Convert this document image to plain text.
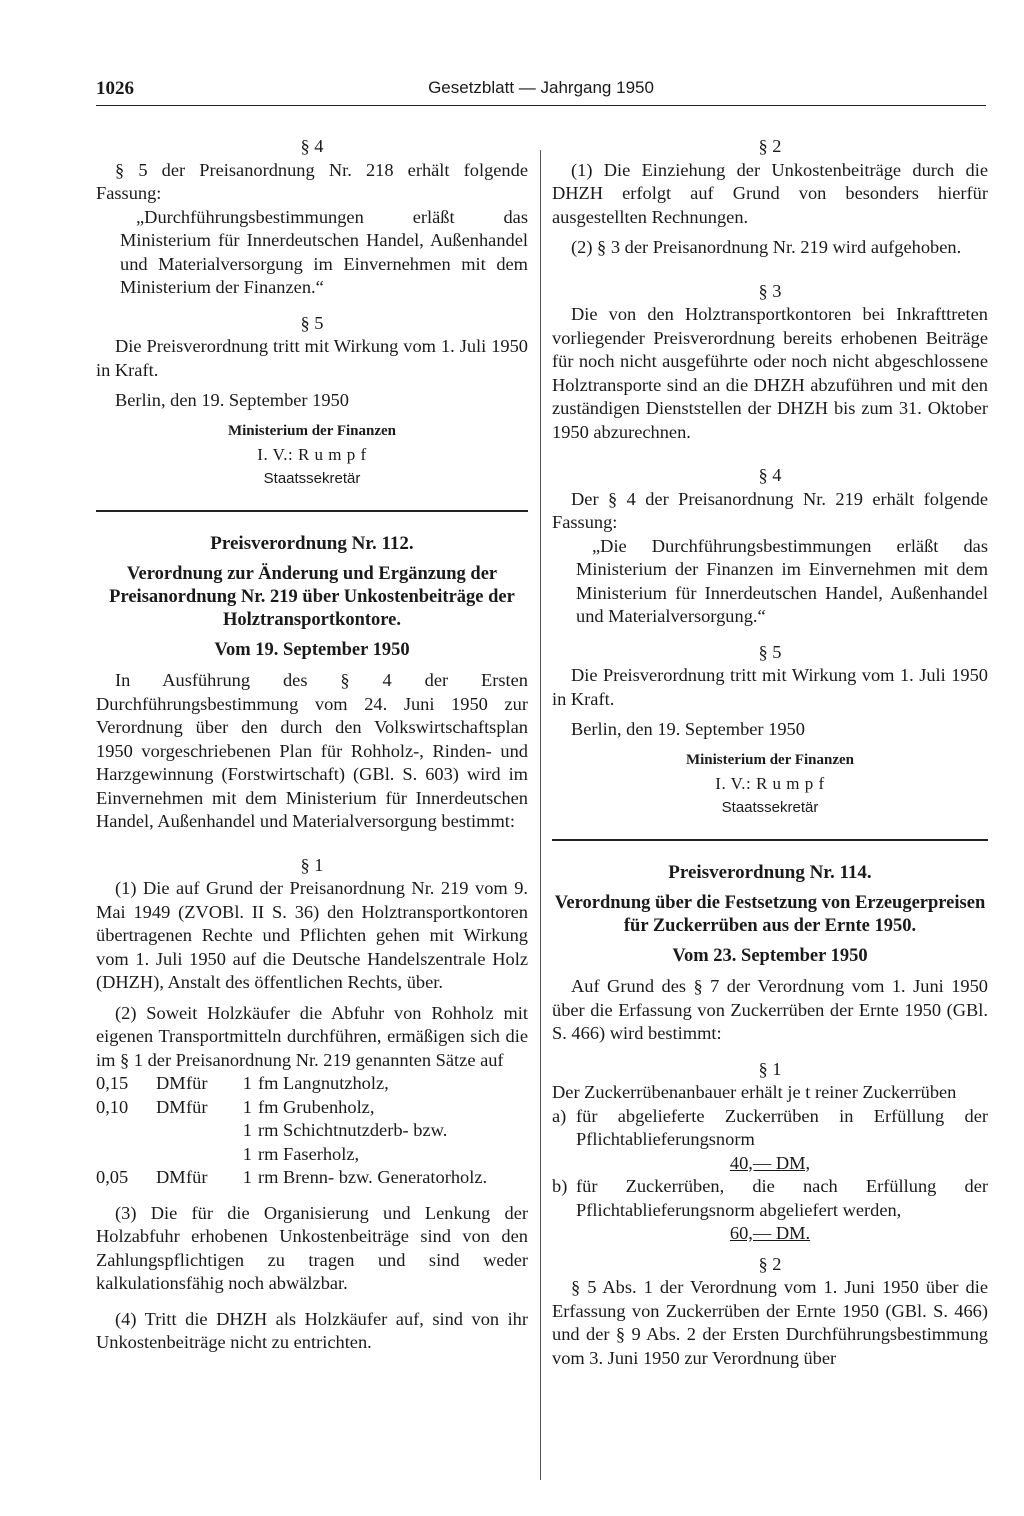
1026	Gesetzblatt — Jahrgang 1950
§ 4

§ 5 der Preisanordnung Nr. 218 erhält folgende Fassung:

„Durchführungsbestimmungen erläßt das Ministerium für Innerdeutschen Handel, Außenhandel und Materialversorgung im Einvernehmen mit dem Ministerium der Finanzen.“

§ 5

Die Preisverordnung tritt mit Wirkung vom 1. Juli 1950 in Kraft.

Berlin, den 19. September 1950

Ministerium der Finanzen
I. V.: R u m p f
Staatssekretär
Preisverordnung Nr. 112.
Verordnung zur Änderung und Ergänzung der Preisanordnung Nr. 219 über Unkostenbeiträge der Holztransportkontore.
Vom 19. September 1950

In Ausführung des § 4 der Ersten Durchführungsbestimmung vom 24. Juni 1950 zur Verordnung über den durch den Volkswirtschaftsplan 1950 vorgeschriebenen Plan für Rohholz-, Rinden- und Harzgewinnung (Forstwirtschaft) (GBl. S. 603) wird im Einvernehmen mit dem Ministerium für Innerdeutschen Handel, Außenhandel und Materialversorgung bestimmt:

§ 1

(1) Die auf Grund der Preisanordnung Nr. 219 vom 9. Mai 1949 (ZVOBl. II S. 36) den Holztransportkontoren übertragenen Rechte und Pflichten gehen mit Wirkung vom 1. Juli 1950 auf die Deutsche Handelszentrale Holz (DHZH), Anstalt des öffentlichen Rechts, über.

(2) Soweit Holzkäufer die Abfuhr von Rohholz mit eigenen Transportmitteln durchführen, ermäßigen sich die im § 1 der Preisanordnung Nr. 219 genannten Sätze auf

0,15	DM	für	1	fm Langnutzholz,
0,10	DM	für	1	fm Grubenholz,
			1	rm Schichtnutzderb- bzw.
			1	rm Faserholz,
0,05	DM	für	1	rm Brenn- bzw. Generatorholz.

(3) Die für die Organisierung und Lenkung der Holzabfuhr erhobenen Unkostenbeiträge sind von den Zahlungspflichtigen zu tragen und sind weder kalkulationsfähig noch abwälzbar.

(4) Tritt die DHZH als Holzkäufer auf, sind von ihr Unkostenbeiträge nicht zu entrichten.

§ 2

(1) Die Einziehung der Unkostenbeiträge durch die DHZH erfolgt auf Grund von besonders hierfür ausgestellten Rechnungen.

(2) § 3 der Preisanordnung Nr. 219 wird aufgehoben.

§ 3

Die von den Holztransportkontoren bei Inkrafttreten vorliegender Preisverordnung bereits erhobenen Beiträge für noch nicht ausgeführte oder noch nicht abgeschlossene Holztransporte sind an die DHZH abzuführen und mit den zuständigen Dienststellen der DHZH bis zum 31. Oktober 1950 abzurechnen.

§ 4

Der § 4 der Preisanordnung Nr. 219 erhält folgende Fassung:

„Die Durchführungsbestimmungen erläßt das Ministerium der Finanzen im Einvernehmen mit dem Ministerium für Innerdeutschen Handel, Außenhandel und Materialversorgung.“

§ 5

Die Preisverordnung tritt mit Wirkung vom 1. Juli 1950 in Kraft.

Berlin, den 19. September 1950

Ministerium der Finanzen
I. V.: R u m p f
Staatssekretär
Preisverordnung Nr. 114.
Verordnung über die Festsetzung von Erzeugerpreisen für Zuckerrüben aus der Ernte 1950.
Vom 23. September 1950

Auf Grund des § 7 der Verordnung vom 1. Juni 1950 über die Erfassung von Zuckerrüben der Ernte 1950 (GBl. S. 466) wird bestimmt:

§ 1

Der Zuckerrübenanbauer erhält je t reiner Zuckerrüben

a) für abgelieferte Zuckerrüben in Erfüllung der Pflichtablieferungsnorm
40,— DM,
b) für Zuckerrüben, die nach Erfüllung der Pflichtablieferungsnorm abgeliefert werden,
60,— DM.
§ 2

§ 5 Abs. 1 der Verordnung vom 1. Juni 1950 über die Erfassung von Zuckerrüben der Ernte 1950 (GBl. S. 466) und der § 9 Abs. 2 der Ersten Durchführungsbestimmung vom 3. Juni 1950 zur Verordnung über
